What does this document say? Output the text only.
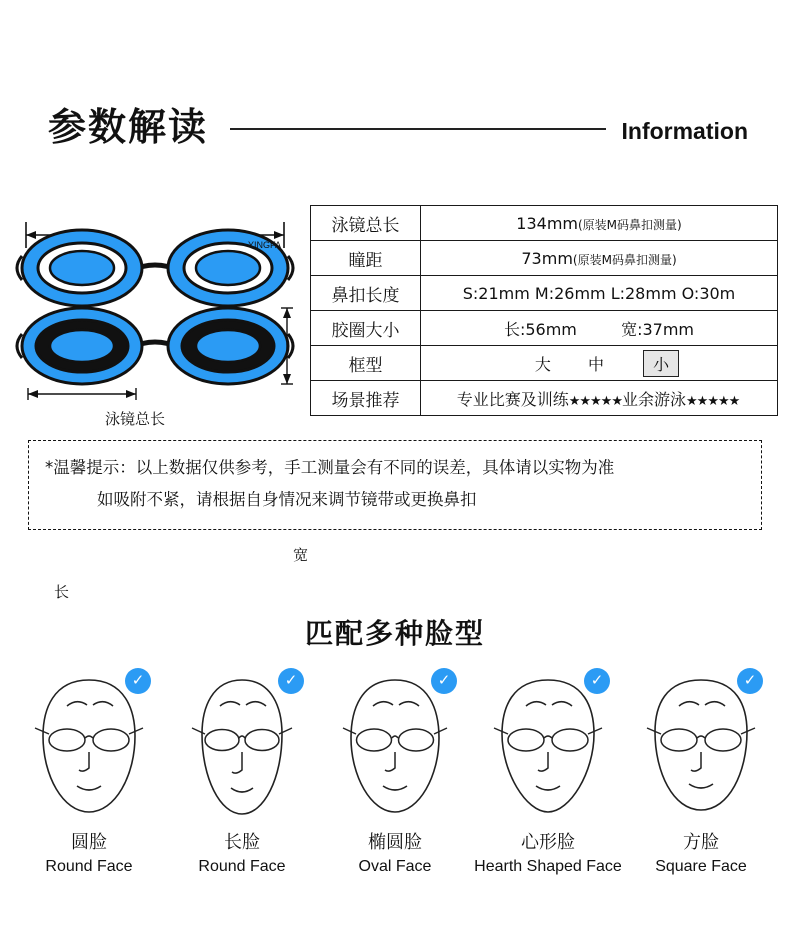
参数解读	Information
YINGFA
泳镜总长
长
宽
泳镜总长	134mm(原装M码鼻扣测量)
瞳距	73mm(原装M码鼻扣测量)
鼻扣长度	S:21mm M:26mm L:28mm O:30m
胶圈大小	长:56mm 宽:37mm
框型	大 中 小
场景推荐	专业比赛及训练★★★★★业余游泳★★★★★

*温馨提示：以上数据仅供参考，手工测量会有不同的误差，具体请以实物为准

如吸附不紧，请根据自身情况来调节镜带或更换鼻扣

匹配多种脸型
✓
圆脸
Round Face
✓
长脸
Round Face
✓
椭圆脸
Oval Face
✓
心形脸
Hearth Shaped Face
✓
方脸
Square Face
